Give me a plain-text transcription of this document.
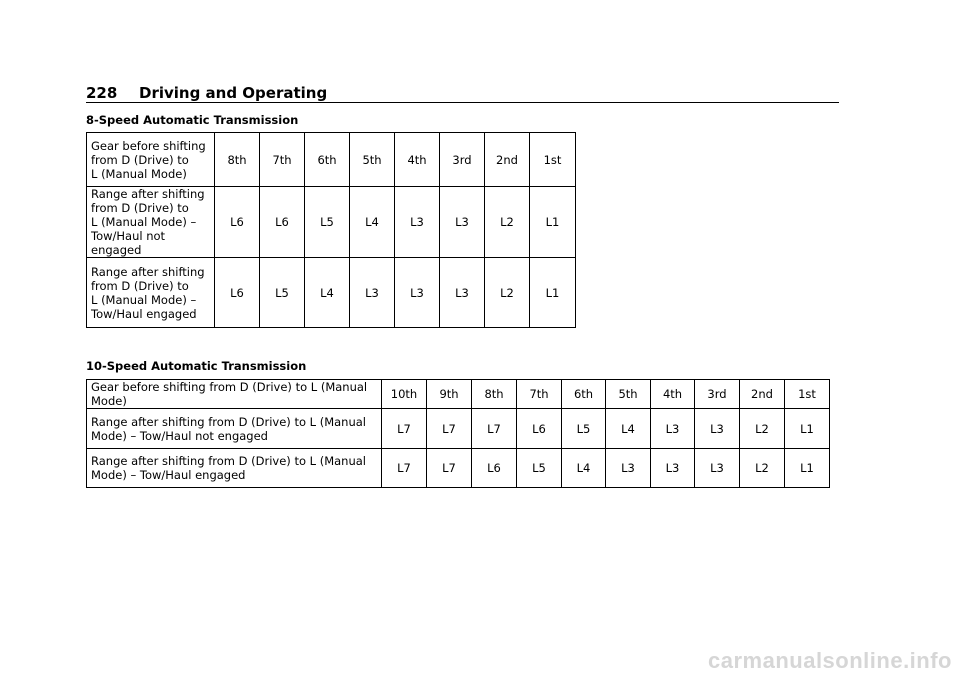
228 Driving and Operating
8-Speed Automatic Transmission
Gear before shifting
from D (Drive) to
L (Manual Mode)	8th	7th	6th	5th	4th	3rd	2nd	1st
Range after shifting
from D (Drive) to
L (Manual Mode) –
Tow/Haul not engaged	L6	L6	L5	L4	L3	L3	L2	L1
Range after shifting
from D (Drive) to
L (Manual Mode) –
Tow/Haul engaged	L6	L5	L4	L3	L3	L3	L2	L1
10-Speed Automatic Transmission
Gear before shifting from D (Drive) to L (Manual Mode)	10th	9th	8th	7th	6th	5th	4th	3rd	2nd	1st
Range after shifting from D (Drive) to L (Manual
Mode) – Tow/Haul not engaged	L7	L7	L7	L6	L5	L4	L3	L3	L2	L1
Range after shifting from D (Drive) to L (Manual
Mode) – Tow/Haul engaged	L7	L7	L6	L5	L4	L3	L3	L3	L2	L1
carmanualsonline.info
